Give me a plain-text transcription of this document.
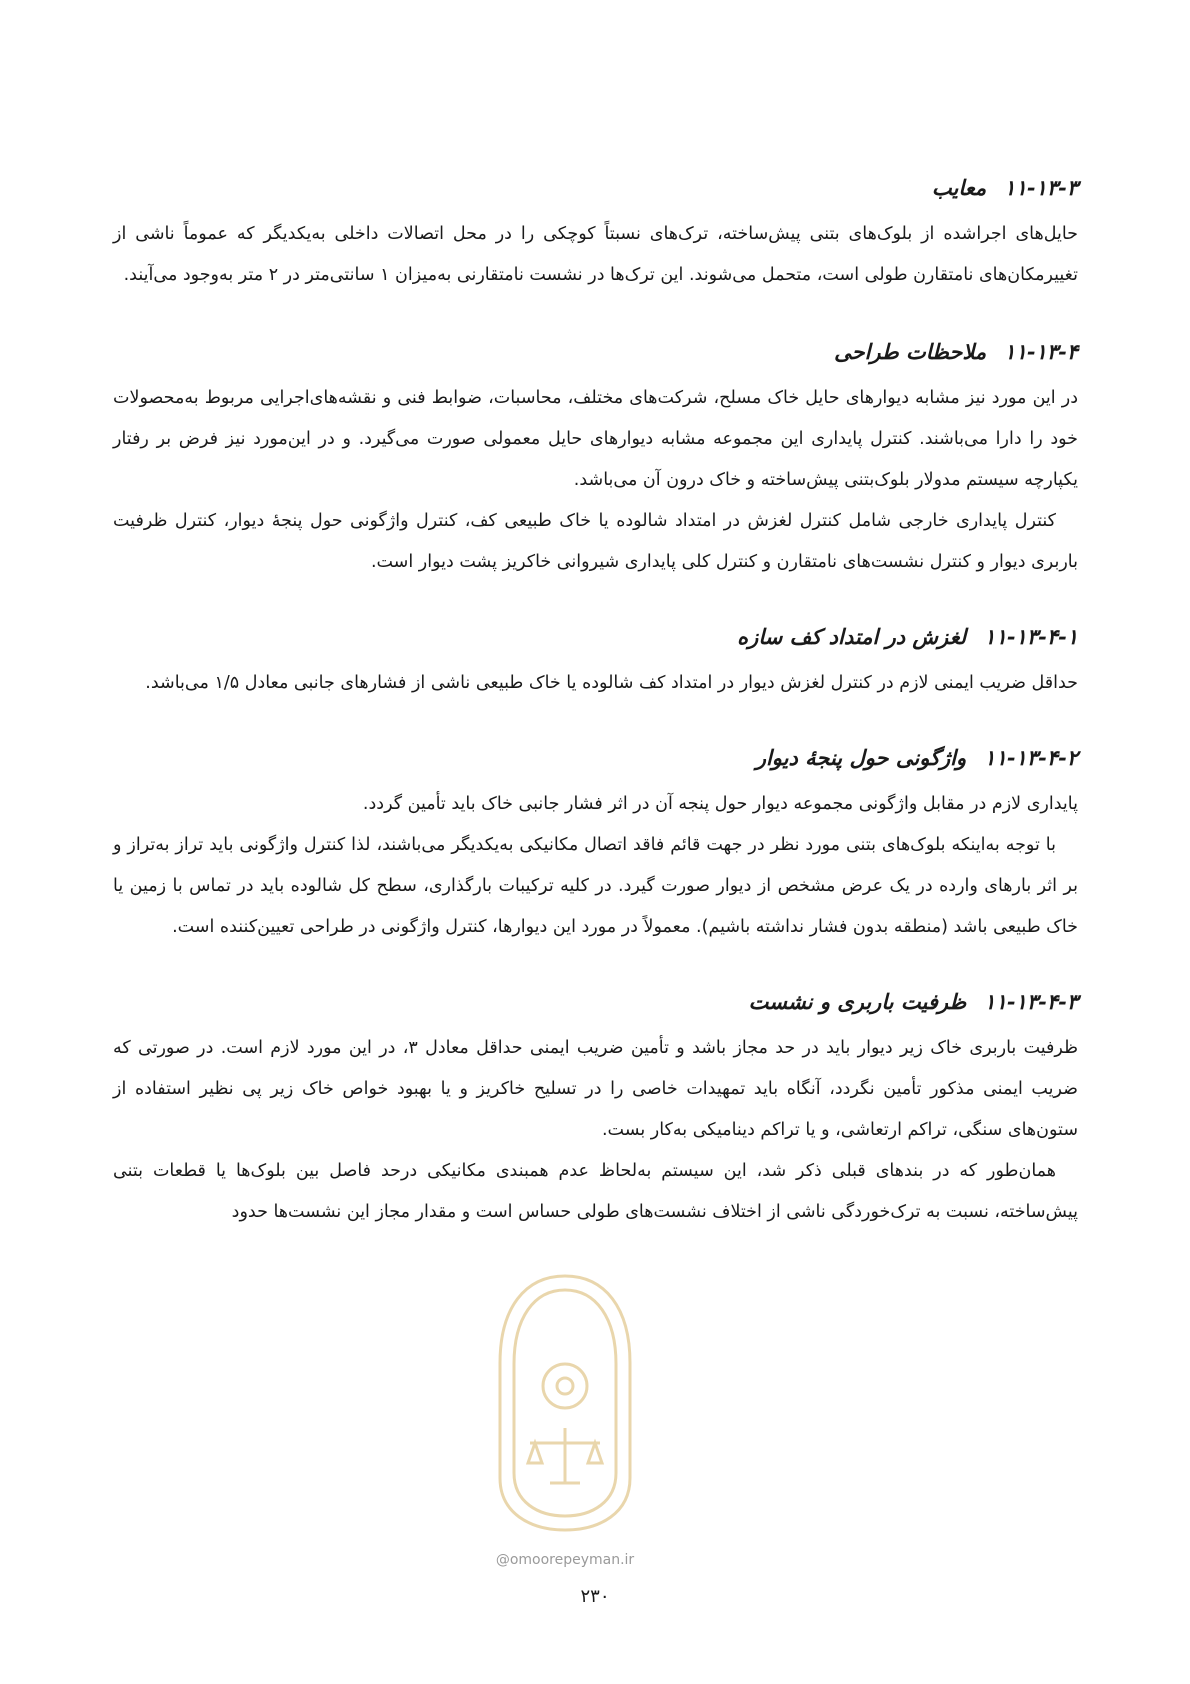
۱۱-۱۳-۳معایب

حایل‌های اجراشده از بلوک‌های بتنی پیش‌ساخته، ترک‌های نسبتاً کوچکی را در محل اتصالات داخلی به‌یکدیگر که عموماً ناشی از تغییرمکان‌های نامتقارن طولی است، متحمل می‌شوند. این ترک‌ها در نشست نامتقارنی به‌میزان ۱ سانتی‌متر در ۲ متر به‌وجود می‌آیند.

۱۱-۱۳-۴ملاحظات طراحی

در این مورد نیز مشابه دیوارهای حایل خاک مسلح، شرکت‌های مختلف، محاسبات، ضوابط فنی و نقشه‌های‌اجرایی مربوط به‌محصولات خود را دارا می‌باشند. کنترل پایداری این مجموعه مشابه دیوارهای حایل معمولی صورت می‌گیرد. و در این‌مورد نیز فرض بر رفتار یکپارچه سیستم مدولار بلوک‌بتنی پیش‌ساخته و خاک درون آن می‌باشد.

کنترل پایداری خارجی شامل کنترل لغزش در امتداد شالوده یا خاک طبیعی کف، کنترل واژگونی حول پنجهٔ دیوار، کنترل ظرفیت باربری دیوار و کنترل نشست‌های نامتقارن و کنترل کلی پایداری شیروانی خاکریز پشت دیوار است.

۱۱-۱۳-۴-۱لغزش در امتداد کف سازه

حداقل ضریب ایمنی لازم در کنترل لغزش دیوار در امتداد کف شالوده یا خاک طبیعی ناشی از فشارهای جانبی معادل ۱/۵ می‌باشد.

۱۱-۱۳-۴-۲واژگونی حول پنجهٔ دیوار

پایداری لازم در مقابل واژگونی مجموعه دیوار حول پنجه آن در اثر فشار جانبی خاک باید تأمین گردد.

با توجه به‌اینکه بلوک‌های بتنی مورد نظر در جهت قائم فاقد اتصال مکانیکی به‌یکدیگر می‌باشند، لذا کنترل واژگونی باید تراز به‌تراز و بر اثر بارهای وارده در یک عرض مشخص از دیوار صورت گیرد. در کلیه ترکیبات بارگذاری، سطح کل شالوده باید در تماس با زمین یا خاک طبیعی باشد (منطقه بدون فشار نداشته باشیم). معمولاً در مورد این دیوارها، کنترل واژگونی در طراحی تعیین‌کننده است.

۱۱-۱۳-۴-۳ظرفیت باربری و نشست

ظرفیت باربری خاک زیر دیوار باید در حد مجاز باشد و تأمین ضریب ایمنی حداقل معادل ۳، در این مورد لازم است. در صورتی که ضریب ایمنی مذکور تأمین نگردد، آنگاه باید تمهیدات خاصی را در تسلیح خاکریز و یا بهبود خواص خاک زیر پی نظیر استفاده از ستون‌های سنگی، تراکم ارتعاشی، و یا تراکم دینامیکی به‌کار بست.

همان‌طور که در بندهای قبلی ذکر شد، این سیستم به‌لحاظ عدم همبندی مکانیکی درحد فاصل بین بلوک‌ها یا قطعات بتنی پیش‌ساخته، نسبت به ترک‌خوردگی ناشی از اختلاف نشست‌های طولی حساس است و مقدار مجاز این نشست‌ها حدود

@omoorepeyman.ir
۲۳۰
